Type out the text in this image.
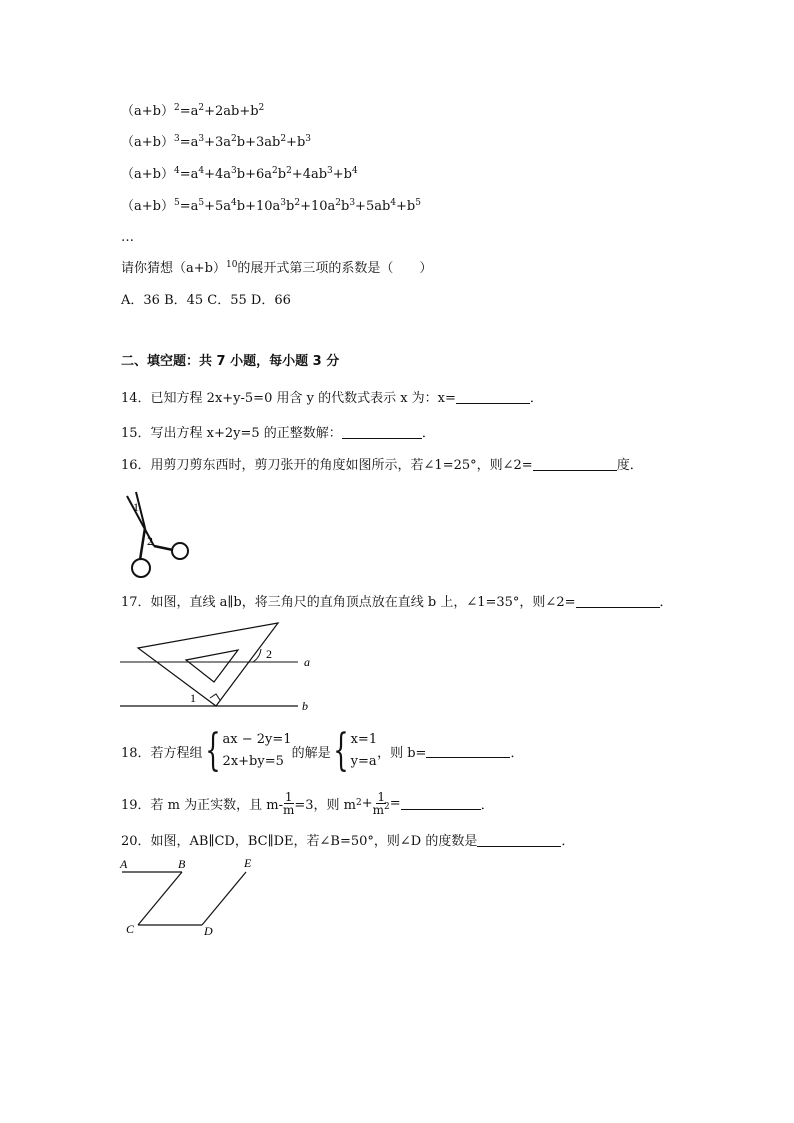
$(a+b)^2=a^2+2ab+b^2$
$(a+b)^3=a^3+3a^2b+3ab^2+b^3$
$(a+b)^4=a^4+4a^3b+6a^2b^2+4ab^3+b^4$
$(a+b)^5=a^5+5a^4b+10a^3b^2+10a^2b^3+5ab^4+b^5$
…
请你猜想$(a+b)^{10}$的展开式第三项的系数是（　　）
A．36 B．45 C．55 D．66
二、填空题：共 7 小题，每小题 3 分
14．已知方程 2x+y-5=0 用含 y 的代数式表示 x 为：x=	．
15．写出方程 x+2y=5 的正整数解：	．
16．用剪刀剪东西时，剪刀张开的角度如图所示，若∠1=25°，则∠2=	度．
1
2
17．如图，直线 a∥b，将三角尺的直角顶点放在直线 b 上，∠1=35°，则∠2=	．
2
1
a
b
18．若方程组 { ax − 2y=1
2x+by=5
的解是 { x=1
y=a
，则 b=	．
19．若 m 为正实数，且 $m- \frac{1}{m} =3$，则 m $2 + \frac{1}{m^2}$ =	．
20．如图，AB∥CD，BC∥DE，若∠B=50°，则∠D 的度数是	．
A	B	E
C	D
